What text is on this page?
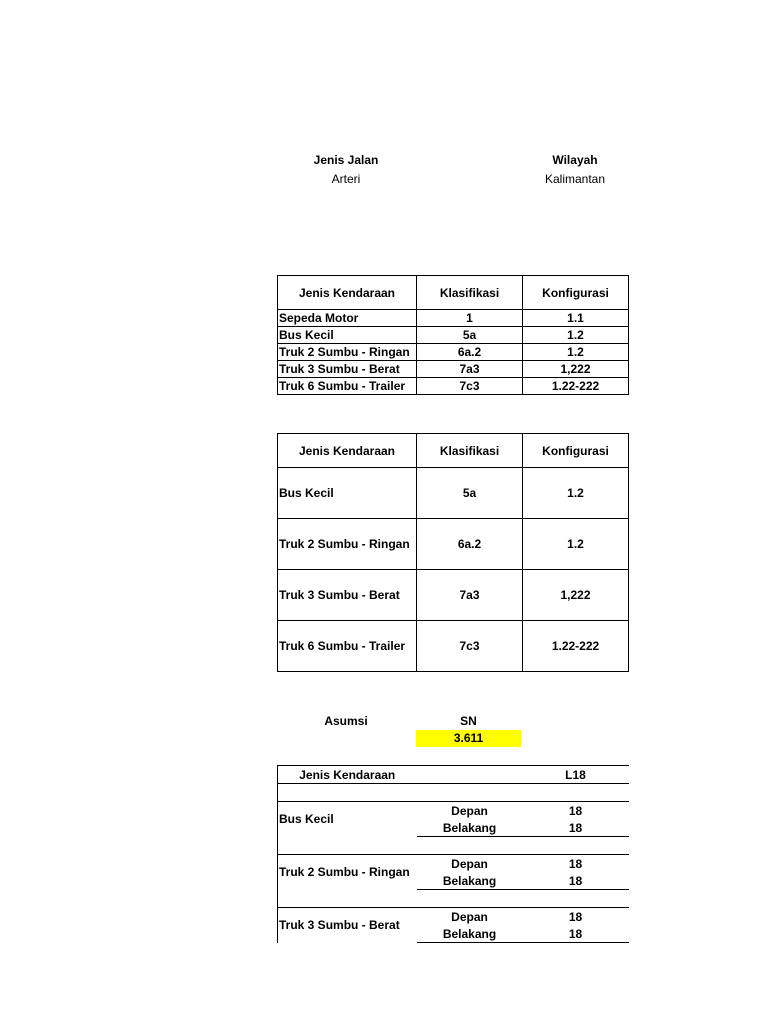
Jenis Jalan
Arteri
Wilayah
Kalimantan
Jenis Kendaraan	Klasifikasi	Konfigurasi
Sepeda Motor	1	1.1
Bus Kecil	5a	1.2
Truk 2 Sumbu - Ringan	6a.2	1.2
Truk 3 Sumbu - Berat	7a3	1,222
Truk 6 Sumbu - Trailer	7c3	1.22-222
Jenis Kendaraan	Klasifikasi	Konfigurasi
Bus Kecil	5a	1.2
Truk 2 Sumbu - Ringan	6a.2	1.2
Truk 3 Sumbu - Berat	7a3	1,222
Truk 6 Sumbu - Trailer	7c3	1.22-222
Asumsi	SN
3.611
Jenis Kendaraan		L18

Bus Kecil	Depan	18
	Belakang	18

Truk 2 Sumbu - Ringan	Depan	18
	Belakang	18

Truk 3 Sumbu - Berat	Depan	18
	Belakang	18
